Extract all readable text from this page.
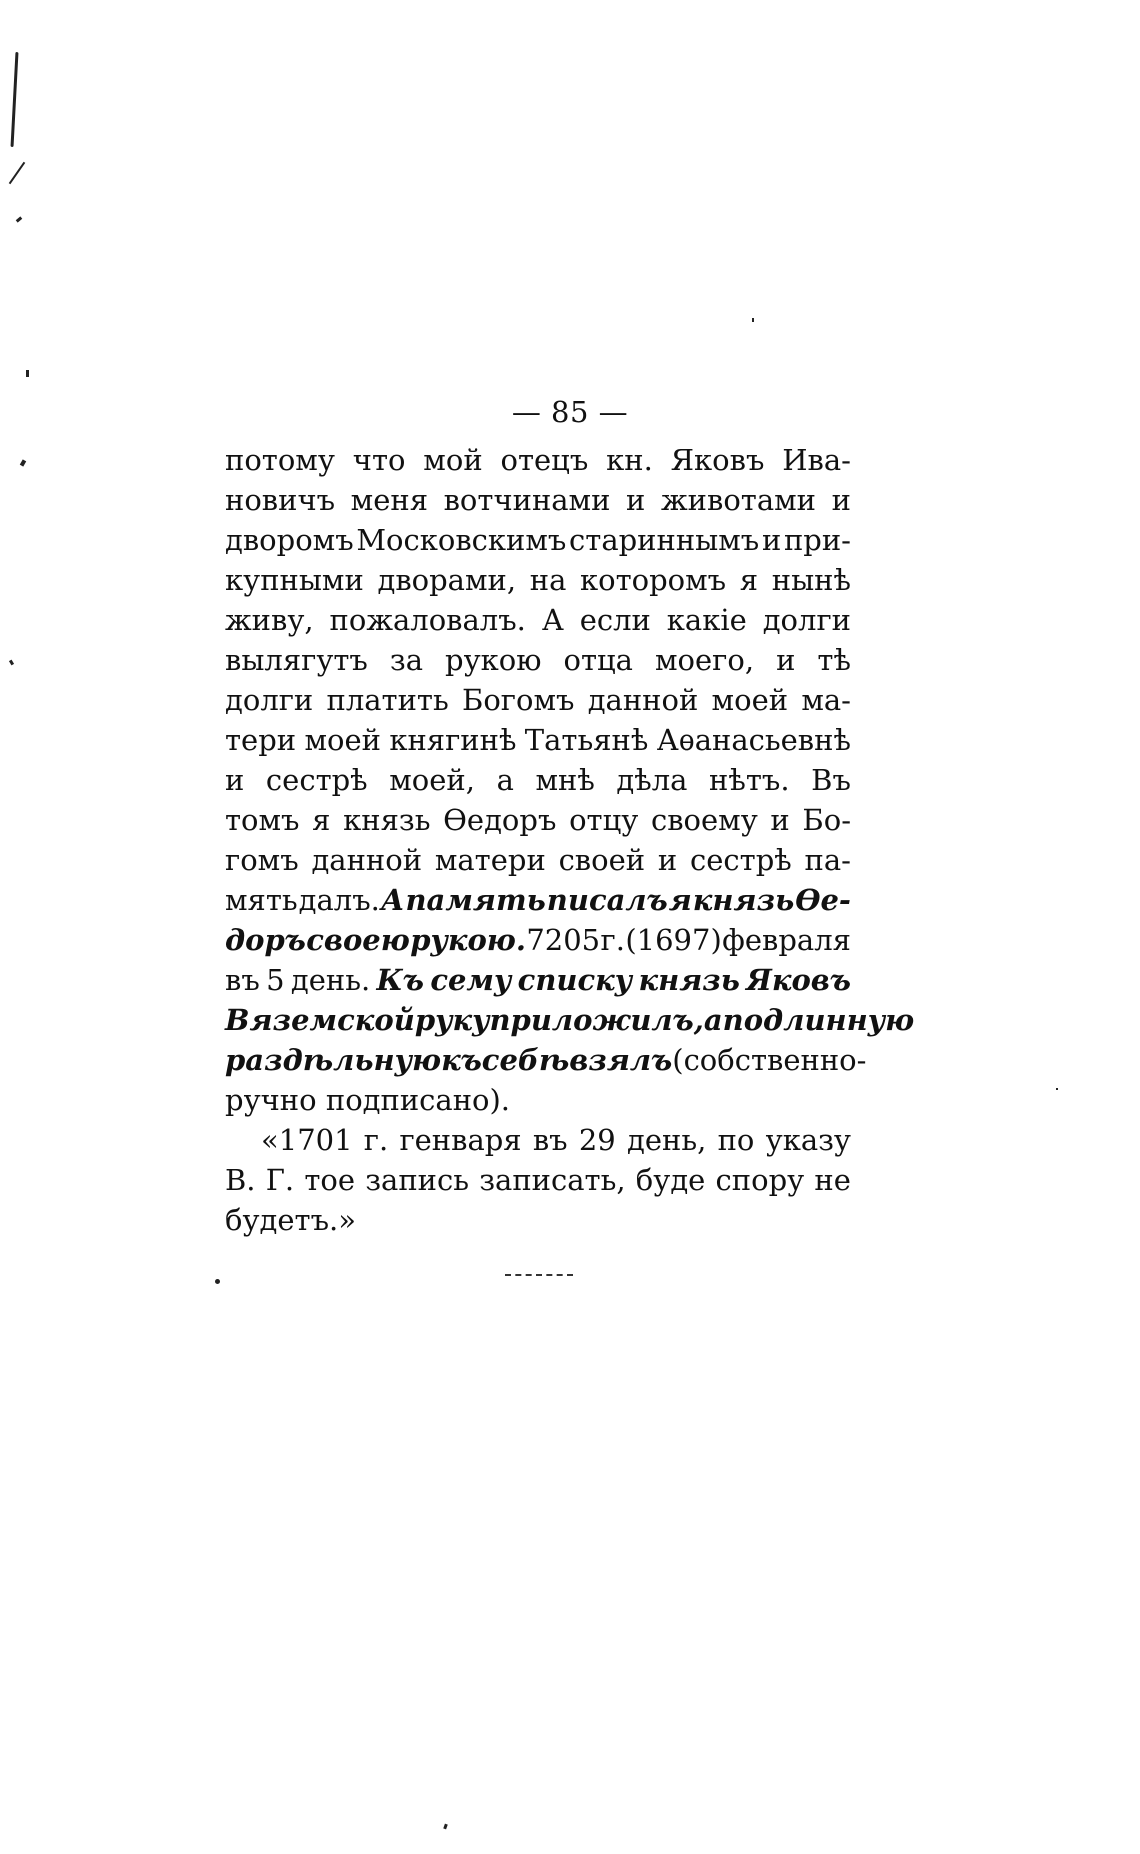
— 85 —
потому что мой отецъ кн. Яковъ Ива-
новичъ меня вотчинами и животами и
дворомъ Московскимъ стариннымъ и при-
купными дворами, на которомъ я нынѣ
живу, пожаловалъ. А если какіе долги
вылягутъ за рукою отца моего, и тѣ
долги платить Богомъ данной моей ма-
тери моей княгинѣ Татьянѣ Аѳанасьевнѣ
и сестрѣ моей, а мнѣ дѣла нѣтъ. Въ
томъ я князь Ѳедоръ отцу своему и Бо-
гомъ данной матери своей и сестрѣ па-
мять далъ. А память писалъ я князь Ѳе-
доръ своею рукою. 7205 г. (1697) февраля
въ 5 день. Къ сему списку князь Яковъ
Вяземской руку приложилъ, а подлинную
раздѣльную къ себѣ взялъ (собственно-
ручно подписано).
«1701 г. генваря въ 29 день, по указу
В. Г. тое запись записать, буде спору не
будетъ.»
